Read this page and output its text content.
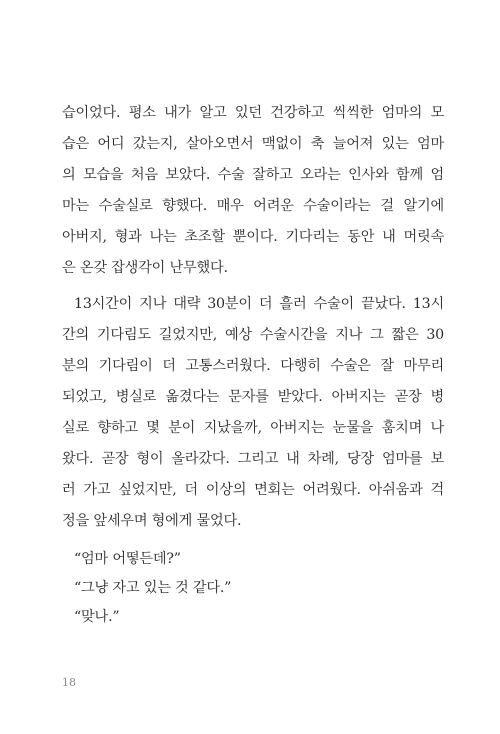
습이었다. 평소 내가 알고 있던 건강하고 씩씩한 엄마의 모
습은 어디 갔는지, 살아오면서 맥없이 축 늘어져 있는 엄마
의 모습을 처음 보았다. 수술 잘하고 오라는 인사와 함께 엄
마는 수술실로 향했다. 매우 어려운 수술이라는 걸 알기에
아버지, 형과 나는 초조할 뿐이다. 기다리는 동안 내 머릿속
은 온갖 잡생각이 난무했다.
13시간이 지나 대략 30분이 더 흘러 수술이 끝났다. 13시
간의 기다림도 길었지만, 예상 수술시간을 지나 그 짧은 30
분의 기다림이 더 고통스러웠다. 다행히 수술은 잘 마무리
되었고, 병실로 옮겼다는 문자를 받았다. 아버지는 곧장 병
실로 향하고 몇 분이 지났을까, 아버지는 눈물을 훔치며 나
왔다. 곧장 형이 올라갔다. 그리고 내 차례, 당장 엄마를 보
러 가고 싶었지만, 더 이상의 면회는 어려웠다. 아쉬움과 걱
정을 앞세우며 형에게 물었다.
“엄마 어떻든데?”
“그냥 자고 있는 것 같다.”
“맞나.”
18
